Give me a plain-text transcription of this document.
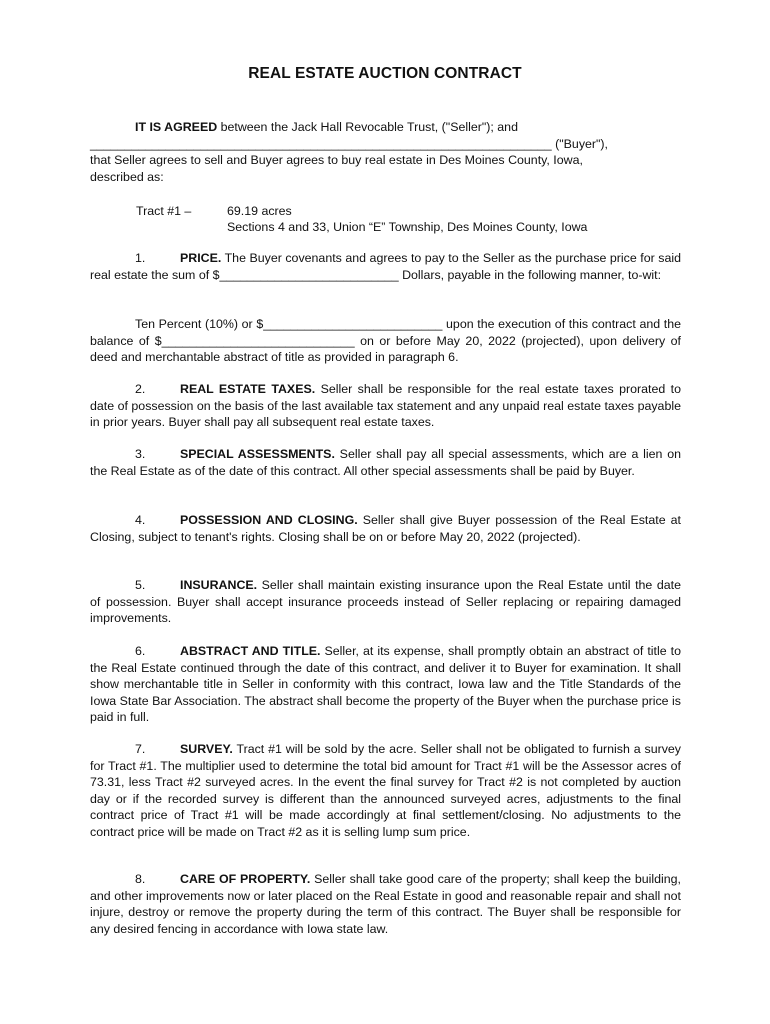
REAL ESTATE AUCTION CONTRACT
IT IS AGREED between the Jack Hall Revocable Trust, ("Seller"); and
___________________________________________________________________ ("Buyer"),
that Seller agrees to sell and Buyer agrees to buy real estate in Des Moines County, Iowa,
described as:
Tract #1 –	69.19 acres
Sections 4 and 33, Union “E” Township, Des Moines County, Iowa
1.	PRICE. The Buyer covenants and agrees to pay to the Seller as the purchase price for said real estate the sum of $__________________________ Dollars, payable in the following manner, to-wit:
Ten Percent (10%) or $__________________________ upon the execution of this contract and the balance of $____________________________ on or before May 20, 2022 (projected), upon delivery of deed and merchantable abstract of title as provided in paragraph 6.
2.	REAL ESTATE TAXES. Seller shall be responsible for the real estate taxes prorated to date of possession on the basis of the last available tax statement and any unpaid real estate taxes payable in prior years. Buyer shall pay all subsequent real estate taxes.
3.	SPECIAL ASSESSMENTS. Seller shall pay all special assessments, which are a lien on the Real Estate as of the date of this contract. All other special assessments shall be paid by Buyer.
4.	POSSESSION AND CLOSING. Seller shall give Buyer possession of the Real Estate at Closing, subject to tenant's rights. Closing shall be on or before May 20, 2022 (projected).
5.	INSURANCE. Seller shall maintain existing insurance upon the Real Estate until the date of possession. Buyer shall accept insurance proceeds instead of Seller replacing or repairing damaged improvements.
6.	ABSTRACT AND TITLE. Seller, at its expense, shall promptly obtain an abstract of title to the Real Estate continued through the date of this contract, and deliver it to Buyer for examination. It shall show merchantable title in Seller in conformity with this contract, Iowa law and the Title Standards of the Iowa State Bar Association. The abstract shall become the property of the Buyer when the purchase price is paid in full.
7.	SURVEY. Tract #1 will be sold by the acre. Seller shall not be obligated to furnish a survey for Tract #1. The multiplier used to determine the total bid amount for Tract #1 will be the Assessor acres of 73.31, less Tract #2 surveyed acres. In the event the final survey for Tract #2 is not completed by auction day or if the recorded survey is different than the announced surveyed acres, adjustments to the final contract price of Tract #1 will be made accordingly at final settlement/closing. No adjustments to the contract price will be made on Tract #2 as it is selling lump sum price.
8.	CARE OF PROPERTY. Seller shall take good care of the property; shall keep the building, and other improvements now or later placed on the Real Estate in good and reasonable repair and shall not injure, destroy or remove the property during the term of this contract. The Buyer shall be responsible for any desired fencing in accordance with Iowa state law.
